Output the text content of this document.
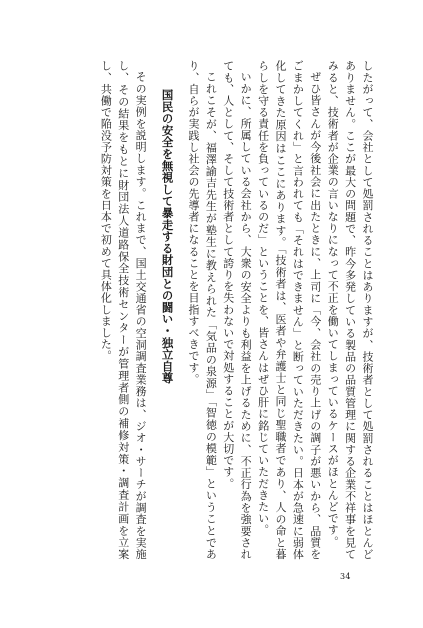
したがって、会社として処罰されることはありますが、技術者として処罰されることはほとんどありません。ここが最大の問題で、昨今多発している製品の品質管理に関する企業不祥事を見てみると、技術者が企業の言いなりになって不正を働いてしまっているケースがほとんどです。

ぜひ皆さんが今後社会に出たときに、上司に「今、会社の売り上げの調子が悪いから、品質をごまかしてくれ」と言われても「それはできません」と断っていただきたい。日本が急速に弱体化してきた原因はここにあります。「技術者は、医者や弁護士と同じ聖職者であり、人の命と暮らしを守る責任を負っているのだ」ということを、皆さんはぜひ肝に銘じていただきたい。

いかに、所属している会社から、大衆の安全よりも利益を上げるために、不正行為を強要されても、人として、そして技術者として誇りを失わないで対処することが大切です。

これこそが、福澤諭吉先生が塾生に教えられた「気品の泉源」「智徳の模範」ということであり、自らが実践し社会の先導者になることを目指すべきです。

国民の安全を無視して暴走する財団との闘い・独立自尊

その実例を説明します。これまで、国土交通省の空洞調査業務は、ジオ・サーチが調査を実施し、その結果をもとに財団法人道路保全技術センターが管理者側の補修対策・調査計画を立案し、共働で陥没予防対策を日本で初めて具体化しました。

34
